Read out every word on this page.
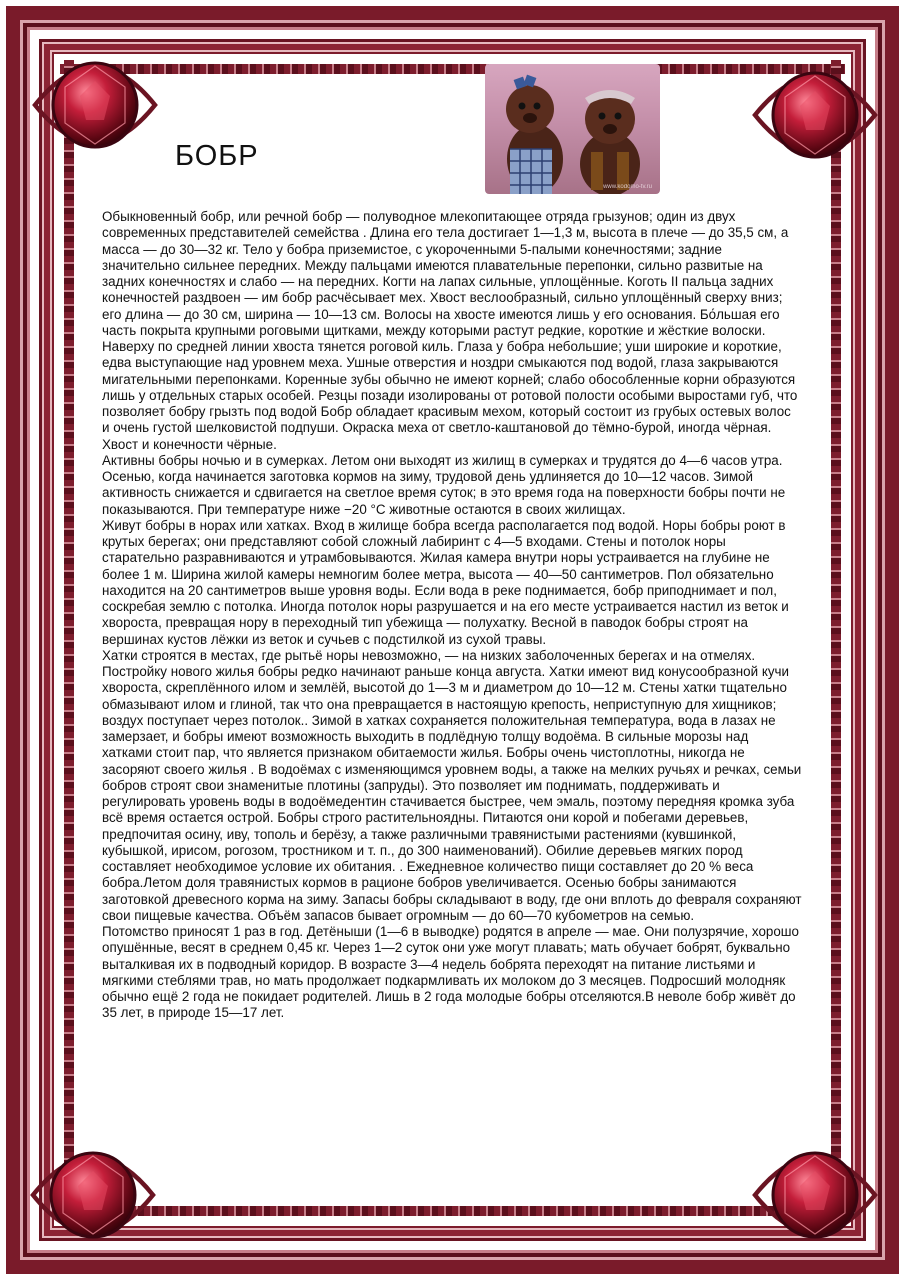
БОБР
www.kodomo-tv.ru

Обыкновенный бобр, или речной бобр — полуводное млекопитающее отряда грызунов; один из двух современных представителей семейства . Длина его тела достигает 1—1,3 м, высота в плече — до 35,5 см, а масса — до 30—32 кг. Тело у бобра приземистое, с укороченными 5-палыми конечностями; задние значительно сильнее передних. Между пальцами имеются плавательные перепонки, сильно развитые на задних конечностях и слабо — на передних. Когти на лапах сильные, уплощённые. Коготь II пальца задних конечностей раздвоен — им бобр расчёсывает мех. Хвост веслообразный, сильно уплощённый сверху вниз; его длина — до 30 см, ширина — 10—13 см. Волосы на хвосте имеются лишь у его основания. Бо́льшая его часть покрыта крупными роговыми щитками, между которыми растут редкие, короткие и жёсткие волоски. Наверху по средней линии хвоста тянется роговой киль. Глаза у бобра небольшие; уши широкие и короткие, едва выступающие над уровнем меха. Ушные отверстия и ноздри смыкаются под водой, глаза закрываются мигательными перепонками. Коренные зубы обычно не имеют корней; слабо обособленные корни образуются лишь у отдельных старых особей. Резцы позади изолированы от ротовой полости особыми выростами губ, что позволяет бобру грызть под водой Бобр обладает красивым мехом, который состоит из грубых остевых волос и очень густой шелковистой подпуши. Окраска меха от светло-каштановой до тёмно-бурой, иногда чёрная. Хвост и конечности чёрные.

Активны бобры ночью и в сумерках. Летом они выходят из жилищ в сумерках и трудятся до 4—6 часов утра. Осенью, когда начинается заготовка кормов на зиму, трудовой день удлиняется до 10—12 часов. Зимой активность снижается и сдвигается на светлое время суток; в это время года на поверхности бобры почти не показываются. При температуре ниже −20 °C животные остаются в своих жилищах.

Живут бобры в норах или хатках. Вход в жилище бобра всегда располагается под водой. Норы бобры роют в крутых берегах; они представляют собой сложный лабиринт с 4—5 входами. Стены и потолок норы старательно разравниваются и утрамбовываются. Жилая камера внутри норы устраивается на глубине не более 1 м. Ширина жилой камеры немногим более метра, высота — 40—50 сантиметров. Пол обязательно находится на 20 сантиметров выше уровня воды. Если вода в реке поднимается, бобр приподнимает и пол, соскребая землю с потолка. Иногда потолок норы разрушается и на его месте устраивается настил из веток и хвороста, превращая нору в переходный тип убежища — полухатку. Весной в паводок бобры строят на вершинах кустов лёжки из веток и сучьев с подстилкой из сухой травы.

Хатки строятся в местах, где рытьё норы невозможно, — на низких заболоченных берегах и на отмелях. Постройку нового жилья бобры редко начинают раньше конца августа. Хатки имеют вид конусообразной кучи хвороста, скреплённого илом и землёй, высотой до 1—3 м и диаметром до 10—12 м. Стены хатки тщательно обмазывают илом и глиной, так что она превращается в настоящую крепость, неприступную для хищников; воздух поступает через потолок.. Зимой в хатках сохраняется положительная температура, вода в лазах не замерзает, и бобры имеют возможность выходить в подлёдную толщу водоёма. В сильные морозы над хатками стоит пар, что является признаком обитаемости жилья. Бобры очень чистоплотны, никогда не засоряют своего жилья . В водоёмах с изменяющимся уровнем воды, а также на мелких ручьях и речках, семьи бобров строят свои знаменитые плотины (запруды). Это позволяет им поднимать, поддерживать и регулировать уровень воды в водоёмедентин стачивается быстрее, чем эмаль, поэтому передняя кромка зуба всё время остается острой. Бобры строго растительноядны. Питаются они корой и побегами деревьев, предпочитая осину, иву, тополь и берёзу, а также различными травянистыми растениями (кувшинкой, кубышкой, ирисом, рогозом, тростником и т. п., до 300 наименований). Обилие деревьев мягких пород составляет необходимое условие их обитания. . Ежедневное количество пищи составляет до 20 % веса бобра.Летом доля травянистых кормов в рационе бобров увеличивается. Осенью бобры занимаются заготовкой древесного корма на зиму. Запасы бобры складывают в воду, где они вплоть до февраля сохраняют свои пищевые качества. Объём запасов бывает огромным — до 60—70 кубометров на семью.

Потомство приносят 1 раз в год. Детёныши (1—6 в выводке) родятся в апреле — мае. Они полузрячие, хорошо опушённые, весят в среднем 0,45 кг. Через 1—2 суток они уже могут плавать; мать обучает бобрят, буквально выталкивая их в подводный коридор. В возрасте 3—4 недель бобрята переходят на питание листьями и мягкими стеблями трав, но мать продолжает подкармливать их молоком до 3 месяцев. Подросший молодняк обычно ещё 2 года не покидает родителей. Лишь в 2 года молодые бобры отселяются.В неволе бобр живёт до 35 лет, в природе 15—17 лет.
